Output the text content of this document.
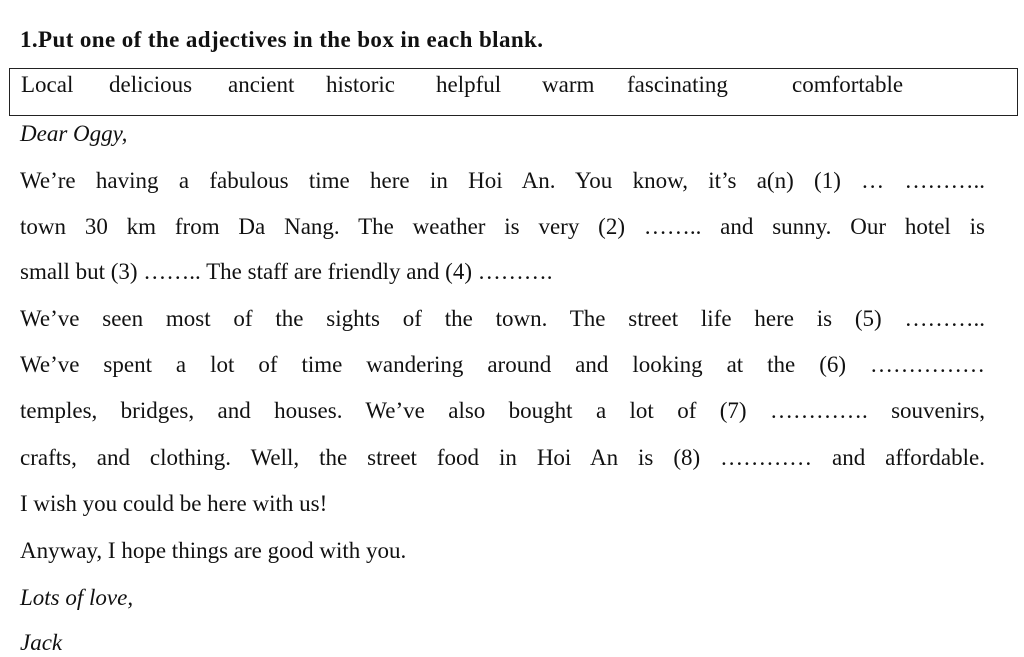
1.Put one of the adjectives in the box in each blank.
Local delicious ancient historic helpful warm fascinating	comfortable
Dear Oggy,
We’re having a fabulous time here in Hoi An. You know, it’s a(n) (1) … ………..
town 30 km from Da Nang. The weather is very (2) …….. and sunny. Our hotel is
small but (3) …….. The staff are friendly and (4) ……….
We’ve seen most of the sights of the town. The street life here is (5) ………..
We’ve spent a lot of time wandering around and looking at the (6) ……………
temples, bridges, and houses. We’ve also bought a lot of (7) …………. souvenirs,
crafts, and clothing. Well, the street food in Hoi An is (8) ………… and affordable.
I wish you could be here with us!
Anyway, I hope things are good with you.
Lots of love,
Jack
